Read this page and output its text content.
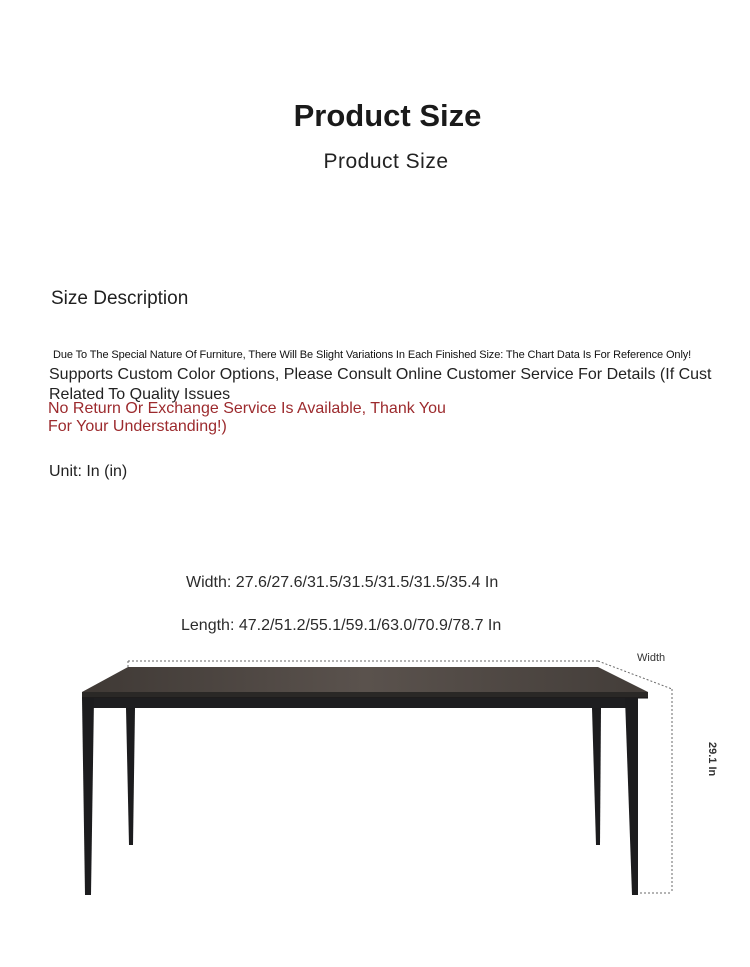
Product Size
Product Size
Size Description
Due To The Special Nature Of Furniture, There Will Be Slight Variations In Each Finished Size: The Chart Data Is For Reference Only!
Supports Custom Color Options, Please Consult Online Customer Service For Details (If Cust
Related To Quality Issues
No Return Or Exchange Service Is Available, Thank You
For Your Understanding!)
Unit: In (in)
Width: 27.6/27.6/31.5/31.5/31.5/31.5/35.4 In
Length: 47.2/51.2/55.1/59.1/63.0/70.9/78.7 In
Width
29.1 In
